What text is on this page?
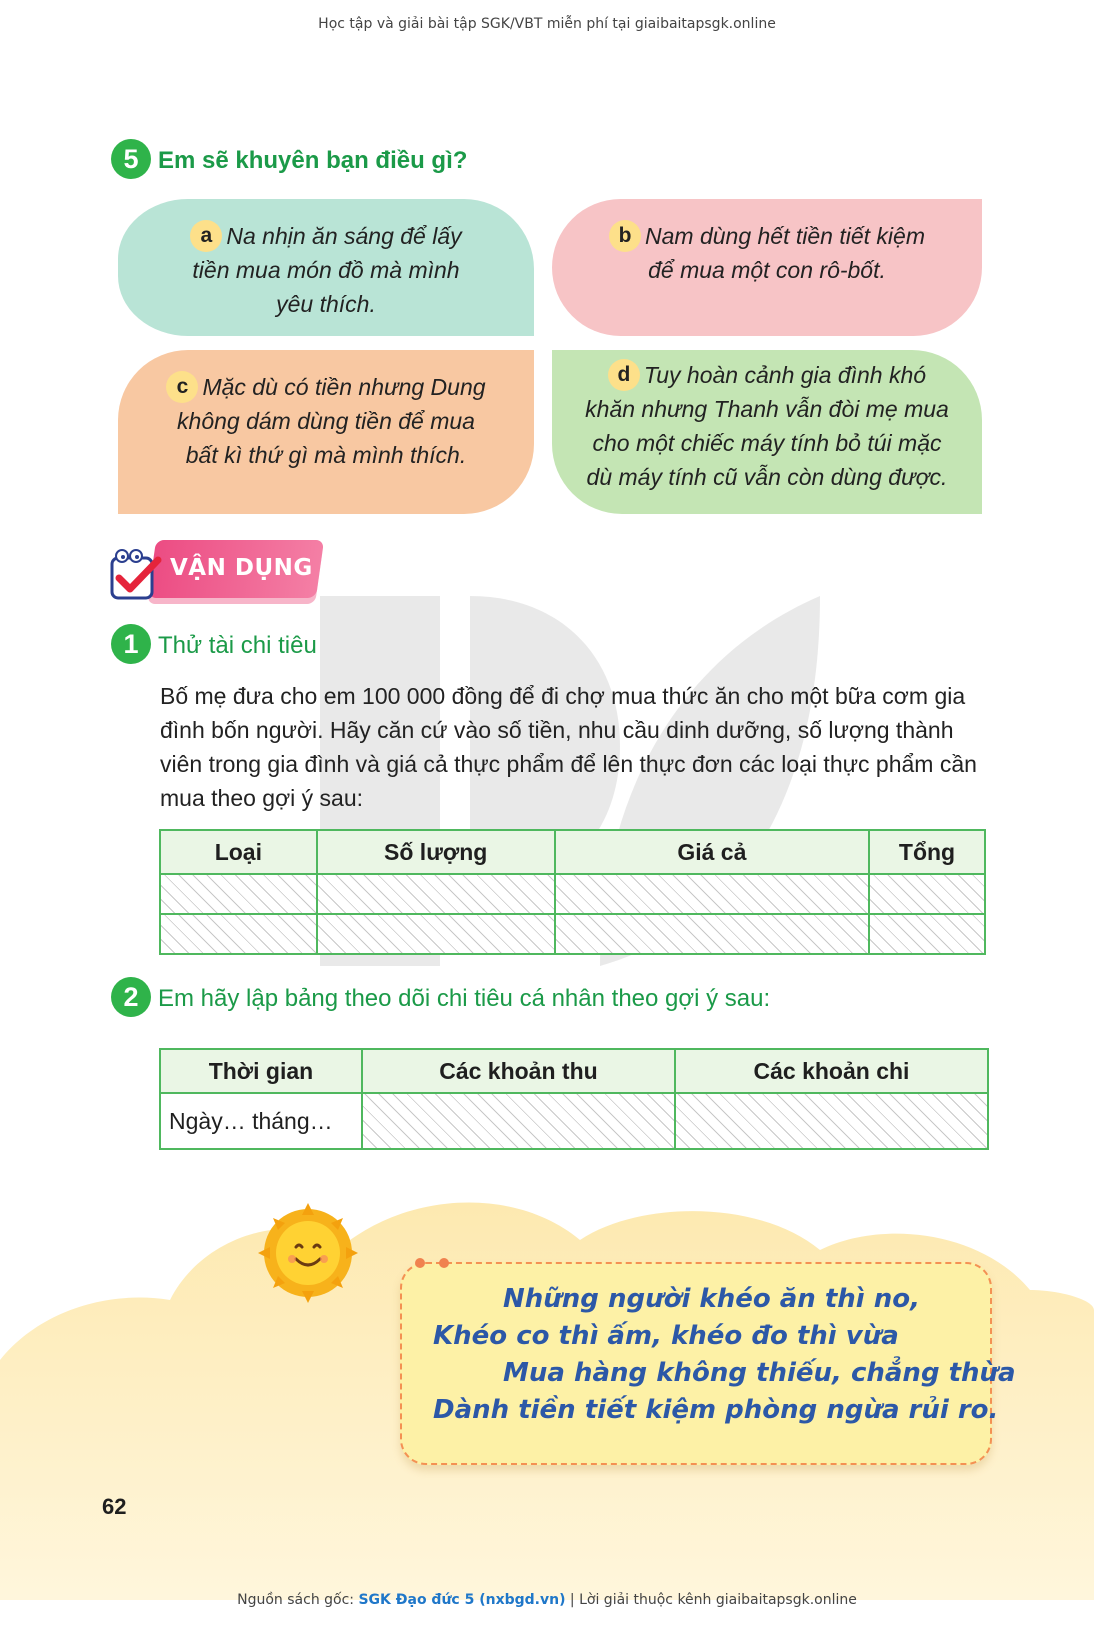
Học tập và giải bài tập SGK/VBT miễn phí tại giaibaitapsgk.online
5 Em sẽ khuyên bạn điều gì?
a Na nhịn ăn sáng để lấy
tiền mua món đồ mà mình
yêu thích.
b Nam dùng hết tiền tiết kiệm
để mua một con rô-bốt.
c Mặc dù có tiền nhưng Dung
không dám dùng tiền để mua
bất kì thứ gì mà mình thích.
d Tuy hoàn cảnh gia đình khó
khăn nhưng Thanh vẫn đòi mẹ mua
cho một chiếc máy tính bỏ túi mặc
dù máy tính cũ vẫn còn dùng được.
VẬN DỤNG
1 Thử tài chi tiêu
Bố mẹ đưa cho em 100 000 đồng để đi chợ mua thức ăn cho một bữa cơm gia đình bốn người. Hãy căn cứ vào số tiền, nhu cầu dinh dưỡng, số lượng thành viên trong gia đình và giá cả thực phẩm để lên thực đơn các loại thực phẩm cần mua theo gợi ý sau:
Loại	Số lượng	Giá cả	Tổng

2 Em hãy lập bảng theo dõi chi tiêu cá nhân theo gợi ý sau:
Thời gian	Các khoản thu	Các khoản chi
Ngày… tháng…		
Những người khéo ăn thì no,
Khéo co thì ấm, khéo đo thì vừa
Mua hàng không thiếu, chẳng thừa
Dành tiền tiết kiệm phòng ngừa rủi ro.
62
Nguồn sách gốc: SGK Đạo đức 5 (nxbgd.vn) | Lời giải thuộc kênh giaibaitapsgk.online
